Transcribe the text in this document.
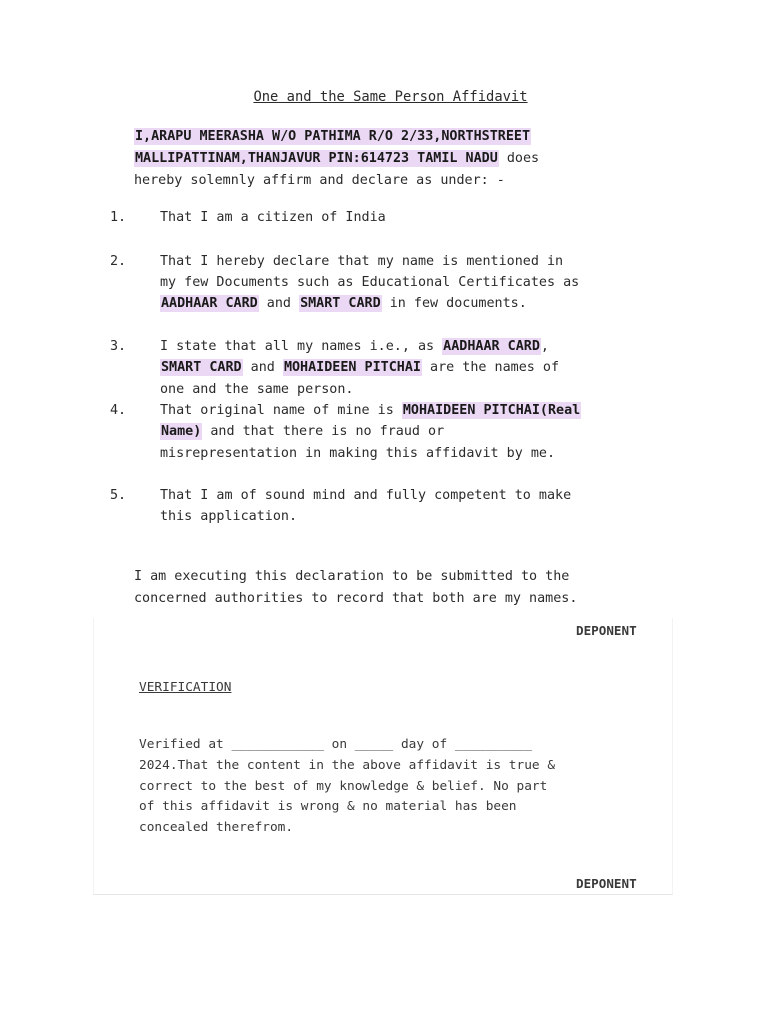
One and the Same Person Affidavit
I,ARAPU MEERASHA W/O PATHIMA R/O 2/33,NORTHSTREET
MALLIPATTINAM,THANJAVUR PIN:614723 TAMIL NADU does
hereby solemnly affirm and declare as under: -
1.	That I am a citizen of India
2.	That I hereby declare that my name is mentioned in
my few Documents such as Educational Certificates as
AADHAAR CARD and SMART CARD in few documents.
3.	I state that all my names i.e., as AADHAAR CARD,
SMART CARD and MOHAIDEEN PITCHAI are the names of
one and the same person.
4.	That original name of mine is MOHAIDEEN PITCHAI(Real
Name) and that there is no fraud or
misrepresentation in making this affidavit by me.
5.	That I am of sound mind and fully competent to make
this application.
I am executing this declaration to be submitted to the
concerned authorities to record that both are my names.
DEPONENT
VERIFICATION
Verified at ____________ on _____ day of __________
2024.That the content in the above affidavit is true &
correct to the best of my knowledge & belief. No part
of this affidavit is wrong & no material has been
concealed therefrom.
DEPONENT
